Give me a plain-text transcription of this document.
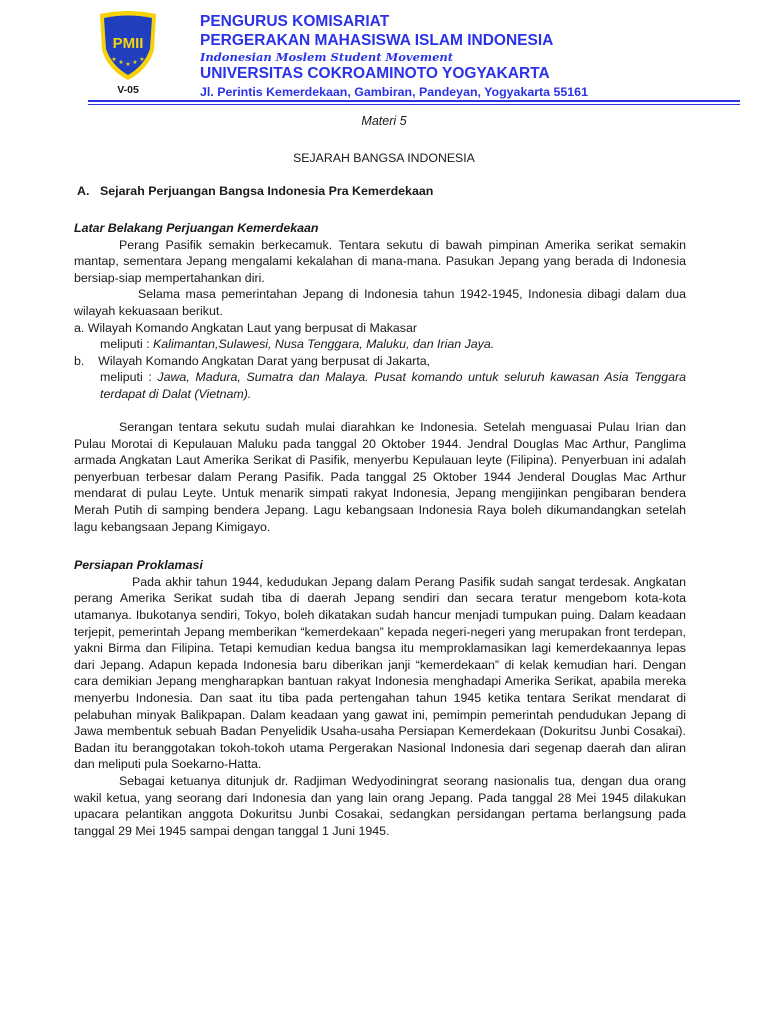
PMII
★ ★ ★ ★ ★
V-05
PENGURUS KOMISARIAT
PERGERAKAN MAHASISWA ISLAM INDONESIA
Indonesian Moslem Student Movement
UNIVERSITAS COKROAMINOTO YOGYAKARTA
Jl. Perintis Kemerdekaan, Gambiran, Pandeyan, Yogyakarta 55161
Materi 5
SEJARAH BANGSA INDONESIA
A. Sejarah Perjuangan Bangsa Indonesia Pra Kemerdekaan
Latar Belakang Perjuangan Kemerdekaan
Perang Pasifik semakin berkecamuk. Tentara sekutu di bawah pimpinan Amerika serikat semakin mantap, sementara Jepang mengalami kekalahan di mana-mana. Pasukan Jepang yang berada di Indonesia bersiap-siap mempertahankan diri.
Selama masa pemerintahan Jepang di Indonesia tahun 1942-1945, Indonesia dibagi dalam dua wilayah kekuasaan berikut.
a. Wilayah Komando Angkatan Laut yang berpusat di Makasar
meliputi : Kalimantan,Sulawesi, Nusa Tenggara, Maluku, dan Irian Jaya.
b. Wilayah Komando Angkatan Darat yang berpusat di Jakarta,
meliputi : Jawa, Madura, Sumatra dan Malaya. Pusat komando untuk seluruh kawasan Asia Tenggara terdapat di Dalat (Vietnam).
Serangan tentara sekutu sudah mulai diarahkan ke Indonesia. Setelah menguasai Pulau Irian dan Pulau Morotai di Kepulauan Maluku pada tanggal 20 Oktober 1944. Jendral Douglas Mac Arthur, Panglima armada Angkatan Laut Amerika Serikat di Pasifik, menyerbu Kepulauan leyte (Filipina). Penyerbuan ini adalah penyerbuan terbesar dalam Perang Pasifik. Pada tanggal 25 Oktober 1944 Jenderal Douglas Mac Arthur mendarat di pulau Leyte. Untuk menarik simpati rakyat Indonesia, Jepang mengijinkan pengibaran bendera Merah Putih di samping bendera Jepang. Lagu kebangsaan Indonesia Raya boleh dikumandangkan setelah lagu kebangsaan Jepang Kimigayo.
Persiapan Proklamasi
Pada akhir tahun 1944, kedudukan Jepang dalam Perang Pasifik sudah sangat terdesak. Angkatan perang Amerika Serikat sudah tiba di daerah Jepang sendiri dan secara teratur mengebom kota-kota utamanya. Ibukotanya sendiri, Tokyo, boleh dikatakan sudah hancur menjadi tumpukan puing. Dalam keadaan terjepit, pemerintah Jepang memberikan “kemerdekaan” kepada negeri-negeri yang merupakan front terdepan, yakni Birma dan Filipina. Tetapi kemudian kedua bangsa itu memproklamasikan lagi kemerdekaannya lepas dari Jepang. Adapun kepada Indonesia baru diberikan janji “kemerdekaan” di kelak kemudian hari. Dengan cara demikian Jepang mengharapkan bantuan rakyat Indonesia menghadapi Amerika Serikat, apabila mereka menyerbu Indonesia. Dan saat itu tiba pada pertengahan tahun 1945 ketika tentara Serikat mendarat di pelabuhan minyak Balikpapan. Dalam keadaan yang gawat ini, pemimpin pemerintah pendudukan Jepang di Jawa membentuk sebuah Badan Penyelidik Usaha-usaha Persiapan Kemerdekaan (Dokuritsu Junbi Cosakai). Badan itu beranggotakan tokoh-tokoh utama Pergerakan Nasional Indonesia dari segenap daerah dan aliran dan meliputi pula Soekarno-Hatta.
Sebagai ketuanya ditunjuk dr. Radjiman Wedyodiningrat seorang nasionalis tua, dengan dua orang wakil ketua, yang seorang dari Indonesia dan yang lain orang Jepang. Pada tanggal 28 Mei 1945 dilakukan upacara pelantikan anggota Dokuritsu Junbi Cosakai, sedangkan persidangan pertama berlangsung pada tanggal 29 Mei 1945 sampai dengan tanggal 1 Juni 1945.
